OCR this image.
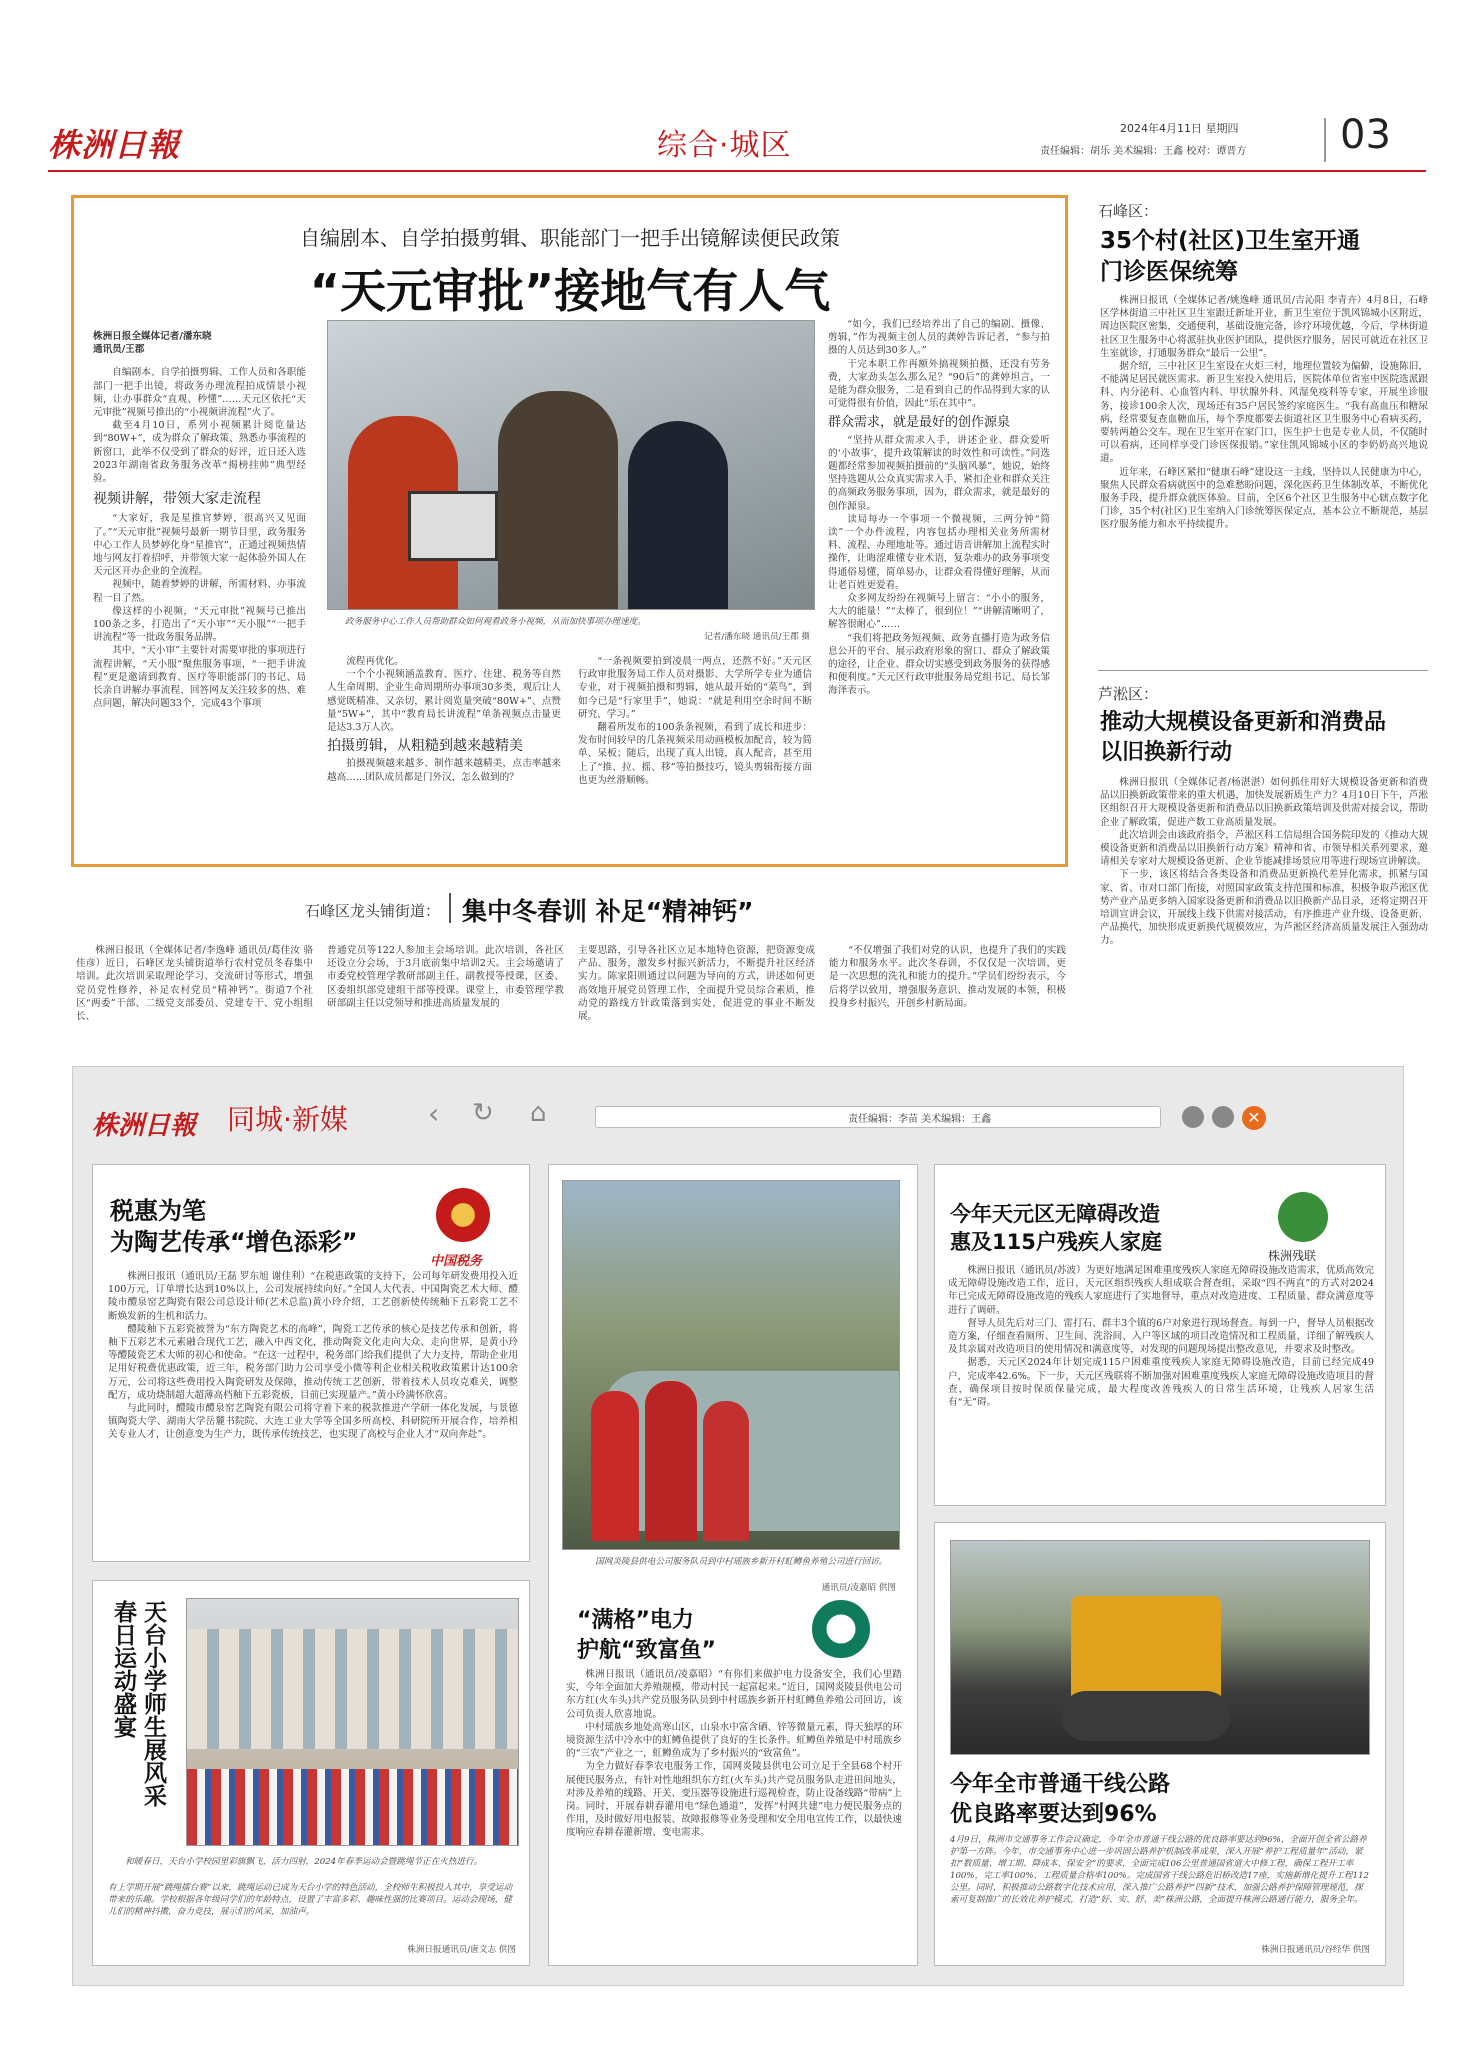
株洲日報	综合·城区	2024年4月11日 星期四
责任编辑：胡乐 美术编辑：王鑫 校对：谭晋方 03
自编剧本、自学拍摄剪辑、职能部门一把手出镜解读便民政策
“天元审批”接地气有人气
株洲日报全媒体记者/潘东晓
通讯员/王郡

自编剧本、自学拍摄剪辑、工作人员和各职能部门一把手出镜，将政务办理流程拍成情景小视频，让办事群众“直观、秒懂”……天元区依托“天元审批”视频号推出的“小视频讲流程”火了。

截至4月10日，系列小视频累计阅览量达到“80W+”，成为群众了解政策、熟悉办事流程的新窗口，此举不仅受到了群众的好评，近日还入选2023年湖南省政务服务改革“揭榜挂帅”典型经验。

视频讲解，带领大家走流程

“大家好，我是星推官梦婷，很高兴又见面了。”“天元审批”视频号最新一期节目里，政务服务中心工作人员梦婷化身“星推官”，正通过视频热情地与网友打着招呼，并带领大家一起体验外国人在天元区开办企业的全流程。

视频中，随着梦婷的讲解，所需材料、办事流程一目了然。

像这样的小视频，“天元审批”视频号已推出100条之多，打造出了“天小审”“天小服”“一把手讲流程”等一批政务服务品牌。

其中，“天小审”主要针对需要审批的事项进行流程讲解，“天小服”聚焦服务事项，“一把手讲流程”更是邀请到教育、医疗等职能部门的书记、局长亲自讲解办事流程、回答网友关注较多的热、难点问题，解决问题33个，完成43个事项

政务服务中心工作人员帮助群众如何观看政务小视频，从而加快事项办理速度。
记者/潘东晓 通讯员/王郡 摄

流程再优化。

一个个小视频涵盖教育、医疗、住建、税务等自然人生命周期、企业生命周期所办事项30多类，观后让人感觉既精准、又亲切，累计阅览量突破“80W+”、点赞量“5W+”，其中“教育局长讲流程”单条视频点击量更是达3.3万人次。

拍摄剪辑，从粗糙到越来越精美

拍摄视频越来越多、制作越来越精美，点击率越来越高……团队成员都是门外汉，怎么做到的？

“一条视频要拍到凌晨一两点，还熬不好。”天元区行政审批服务局工作人员对摄影、大学所学专业为通信专业，对于视频拍摄和剪辑，她从最开始的“菜鸟”，到如今已是“行家里手”，她说：“就是利用空余时间不断研究、学习。”

翻看所发布的100条条视频，看到了成长和进步：发布时间较早的几条视频采用动画模板加配音，较为简单、呆板；随后，出现了真人出镜，真人配音，甚至用上了“推、拉、摇、移”等拍摄技巧，镜头剪辑衔接方面也更为丝滑顺畅。

“如今，我们已经培养出了自己的编剧、摄像、剪辑，”作为视频主创人员的龚婷告诉记者，“参与拍摄的人员达到30多人。”

干完本职工作再额外搞视频拍摄，还没有劳务费，大家劲头怎么那么足？“90后”的龚婷坦言，一是能为群众服务，二是看到自己的作品得到大家的认可觉得很有价值，因此“乐在其中”。

群众需求，就是最好的创作源泉

“坚持从群众需求入手，讲述企业、群众爱听的‘小故事’，提升政策解读的时效性和可读性。”问选题都经常参加视频拍摄前的“头脑风暴”，她说，始终坚持选题从公众真实需求入手，紧扣企业和群众关注的高频政务服务事项，因为，群众需求，就是最好的创作源泉。

读局每办一个事项一个微视频，三两分钟“简读”一个办件流程，内容包括办理相关业务所需材料、流程、办理地址等。通过语音讲解加上流程实时操作，让晦涩难懂专业术语，复杂难办的政务事项变得通俗易懂，简单易办，让群众看得懂好理解，从而让老百姓更爱看。

众多网友纷纷在视频号上留言：“小小的服务，大大的能量！”“太棒了，很到位！”“讲解清晰明了，解答很耐心”……

“我们将把政务短视频、政务直播打造为政务信息公开的平台、展示政府形象的窗口、群众了解政策的途径，让企业、群众切实感受到政务服务的获得感和便利度。”天元区行政审批服务局党组书记、局长邹海泽表示。

石峰区：
35个村(社区)卫生室开通门诊医保统筹

株洲日报讯（全媒体记者/姚逸峰 通讯员/吉沁阳 李青卉）4月8日，石峰区学林街道三中社区卫生室跟迁新址开业，新卫生室位于凯风锦城小区附近，周边医院区密集，交通便利，基础设施完备，诊疗环境优越，今后，学林街道社区卫生服务中心将派驻执业医护团队，提供医疗服务，居民可就近在社区卫生室就诊，打通服务群众“最后一公里”。

据介绍，三中社区卫生室设在火炬三村，地理位置较为偏僻，设施陈旧，不能满足居民就医需求。新卫生室投入使用后，医院体单位省室中医院选派跟科、内分泌科、心血管内科、甲状腺外科、风湿免疫科等专家，开展坐诊服务，接诊100余人次，现场还有35户居民签约家庭医生。“我有高血压和糖尿病，经常要复查血糖血压，每个季度都要去街道社区卫生服务中心看病买药，要转两趟公交车。现在卫生室开在家门口，医生护士也是专业人员，不仅随时可以看病，还同样享受门诊医保报销。”家住凯风锦城小区的李奶奶高兴地说道。

近年来，石峰区紧扣“健康石峰”建设这一主线，坚持以人民健康为中心，聚焦人民群众看病就医中的急难愁盼问题，深化医药卫生体制改革，不断优化服务手段，提升群众就医体验。目前，全区6个社区卫生服务中心辖点数字化门诊，35个村(社区)卫生室纳入门诊统筹医保定点，基本公立不断规范，基层医疗服务能力和水平持续提升。

芦淞区：
推动大规模设备更新和消费品以旧换新行动

株洲日报讯（全媒体记者/杨湛湛）如何抓住用好大规模设备更新和消费品以旧换新政策带来的重大机遇，加快发展新质生产力？4月10日下午，芦淞区组织召开大规模设备更新和消费品以旧换新政策培训及供需对接会议，帮助企业了解政策，促进产数工业高质量发展。

此次培训会由该政府指令，芦淞区科工信局组合国务院印发的《推动大规模设备更新和消费品以旧换新行动方案》精神和省、市领导相关系列要求，邀请相关专家对大规模设备更新、企业节能减排场景应用等进行现场宣讲解读。

下一步，该区将结合各类设备和消费品更新换代差异化需求，抓紧与国家、省、市对口部门衔接，对照国家政策支持范围和标准，积极争取芦淞区优势产业产品更多纳入国家设备更新和消费品以旧换新产品目录，还将定期召开培训宣讲会议，开展线上线下供需对接活动，有序推进产业升级、设备更新、产品换代，加快形成更新换代规模效应，为芦淞区经济高质量发展注入强劲动力。

石峰区龙头铺街道： 集中冬春训 补足“精神钙”
株洲日报讯（全媒体记者/李逸峰 通讯员/葛佳汝 骆佳彦）近日，石峰区龙头铺街道举行农村党员冬春集中培训。此次培训采取理论学习、交流研讨等形式，增强党员党性修养，补足农村党员“精神钙”。街道7个社区“两委”干部、二级党支部委员、党建专干、党小组组长、
普通党员等122人参加主会场培训。此次培训，各社区还设立分会场，于3月底前集中培训2天。主会场邀请了市委党校管理学教研部副主任、副教授等授课，区委、区委组织部党建组干部等授课。课堂上，市委管理学教研部副主任以党领导和推进高质量发展的
主要思路，引导各社区立足本地特色资源，把资源变成产品、服务，激发乡村振兴新活力，不断提升社区经济实力。陈家阳则通过以问题为导向的方式，讲述如何更高效地开展党员管理工作，全面提升党员综合素质，推动党的路线方针政策落到实处，促进党的事业不断发展。
“不仅增强了我们对党的认识，也提升了我们的实践能力和服务水平。此次冬春训，不仅仅是一次培训，更是一次思想的洗礼和能力的提升。”学员们纷纷表示，今后将学以致用，增强服务意识、推动发展的本领，积极投身乡村振兴，开创乡村新局面。
株洲日報 同城·新媒	‹ ↻ ⌂	责任编辑：李苗 美术编辑：王鑫	✕
税惠为笔
为陶艺传承“增色添彩”
中国税务

株洲日报讯（通讯员/王磊 罗东旭 谢佳利）“在税惠政策的支持下，公司每年研发费用投入近100万元，订单增长达到10%以上，公司发展持续向好。”全国人大代表、中国陶瓷艺术大师、醴陵市醴泉窑艺陶瓷有限公司总设计师(艺术总监)黄小玲介绍，工艺创新使传统釉下五彩瓷工艺不断焕发新的生机和活力。

醴陵釉下五彩瓷被誉为“东方陶瓷艺术的高峰”，陶瓷工艺传承的核心是技艺传承和创新，将釉下五彩艺术元素融合现代工艺，融入中西文化，推动陶瓷文化走向大众、走向世界，是黄小玲等醴陵瓷艺术大师的初心和使命。“在这一过程中，税务部门给我们提供了大力支持，帮助企业用足用好税费优惠政策，近三年，税务部门助力公司享受小微等利企业相关税收政策累计达100余万元，公司将这些费用投入陶瓷研发及保障，推动传统工艺创新，带着技术人员攻克难关，调整配方，成功烧制超大超薄高档釉下五彩瓷板，目前已实现量产。”黄小玲满怀欣喜。

与此同时，醴陵市醴泉窑艺陶瓷有限公司将守着下来的税款推进产学研一体化发展，与景德镇陶瓷大学、湖南大学岳麓书院院、大连工业大学等全国多所高校、科研院所开展合作，培养相关专业人才，让创意变为生产力，既传承传统技艺，也实现了高校与企业人才“双向奔赴”。

天台小学师生展风采
春日运动盛宴
和暖春日，天台小学校园里彩旗飘飞，活力四射，2024年春季运动会暨跳绳节正在火热进行。
有上学期开展“跳绳擂台赛”以来，跳绳运动已成为天台小学的特色活动，全校师生积极投入其中，享受运动带来的乐趣。学校根据各年级同学们的年龄特点，设置了丰富多彩、趣味性强的比赛项目。运动会现场，健儿们的精神抖擞，奋力竞技，展示们的风采，加油声。
株洲日报通讯员/唐文志 供图
国网炎陵县供电公司服务队员到中村瑶族乡新开村虹鳟鱼养殖公司进行回访。
通讯员/凌嘉昭 供图
“满格”电力
护航“致富鱼”

株洲日报讯（通讯员/凌嘉昭）“有你们来做护电力设备安全，我们心里踏实，今年全面加大养殖规模，带动村民一起富起来。”近日，国网炎陵县供电公司东方红(火车头)共产党员服务队员到中村瑶族乡新开村虹鳟鱼养殖公司回访，该公司负责人欣喜地说。

中村瑶族乡地处高寒山区，山泉水中富含硒、锌等微量元素，得天独厚的环境资源生活中冷水中的虹鳟鱼提供了良好的生长条件。虹鳟鱼养殖是中村瑶族乡的“三农”产业之一，虹鳟鱼成为了乡村振兴的“致富鱼”。

为全力做好春季农电服务工作，国网炎陵县供电公司立足于全县68个村开展便民服务点，有针对性地组织东方红(火车头)共产党员服务队走进田间地头，对涉及养殖的线路、开关、变压器等设施进行巡视检查，防止设备线路“带病”上岗。同时，开展春耕春灌用电“绿色通道”，发挥“村网共建”电力便民服务点的作用，及时做好用电报装、故障报修等业务受理和安全用电宣传工作，以最快速度响应春耕春灌新增、变电需求。

今年天元区无障碍改造
惠及115户残疾人家庭
株洲残联

株洲日报讯（通讯员/苏波）为更好地满足困难重度残疾人家庭无障碍设施改造需求，优质高效完成无障碍设施改造工作，近日，天元区组织残疾人组成联合督查组，采取“四不两直”的方式对2024年已完成无障碍设施改造的残疾人家庭进行了实地督导，重点对改造进度、工程质量、群众满意度等进行了调研。

督导人员先后对三门、雷打石、群丰3个镇的6户对象进行现场督查。每到一户，督导人员根据改造方案，仔细查看厕所、卫生间、洗浴间、入户等区域的项目改造情况和工程质量，详细了解残疾人及其亲属对改造项目的使用情况和满意度等，对发现的问题现场提出整改意见，并要求及时整改。

据悉，天元区2024年计划完成115户困难重度残疾人家庭无障碍设施改造，目前已经完成49户，完成率42.6%。下一步，天元区残联将不断加强对困难重度残疾人家庭无障碍设施改造项目的督查，确保项目按时保质保量完成，最大程度改善残疾人的日常生活环境，让残疾人居家生活有“无”碍。

今年全市普通干线公路
优良路率要达到96%
4月9日，株洲市交通事务工作会议确定，今年全市普通干线公路的优良路率要达到96%，全面开创全省公路养护第一方阵。今年，市交通事务中心进一步巩固公路养护机制改革成果，深入开展“养护工程质量年”活动，紧扣“数质量、增工期、降成本、保安全”的要求，全面完成106公里普通国省道大中修工程，确保工程开工率100%，完工率100%、工程质量合格率100%。完成国省干线公路危旧桥改造17座，实施新增化提升工程112公里。同时，积极推动公路数字化技术应用，深入推广公路养护“四新”技术，加强公路养护保障管理规范，探索可复制推广的长效化养护模式，打造“好、实、舒、美”株洲公路，全面提升株洲公路通行能力，服务全年。
株洲日报通讯员/谷经华 供图
